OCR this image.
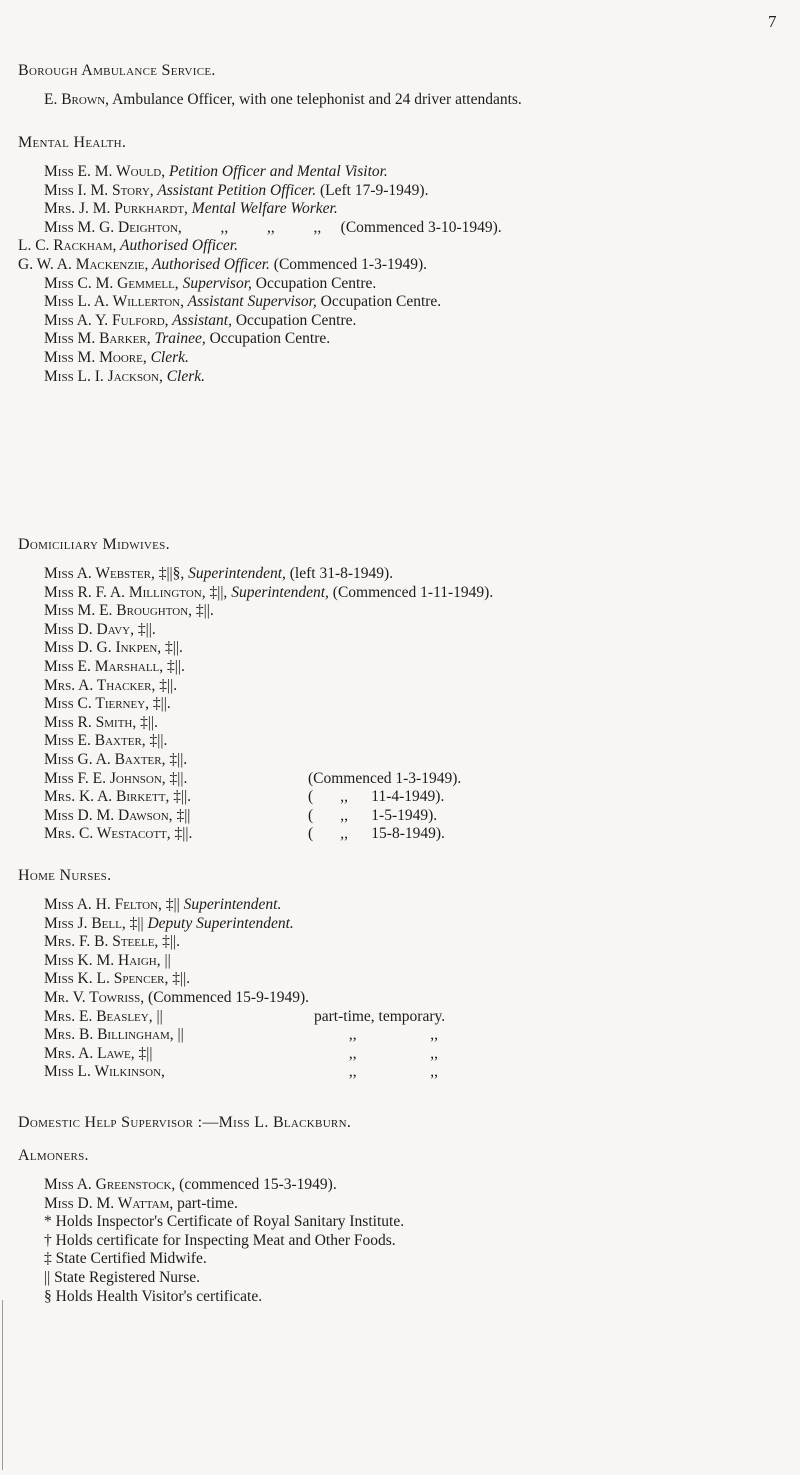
7
Borough Ambulance Service.
E. Brown, Ambulance Officer, with one telephonist and 24 driver attendants.
Mental Health.
Miss E. M. Would, Petition Officer and Mental Visitor.
Miss I. M. Story, Assistant Petition Officer. (Left 17-9-1949).
Mrs. J. M. Purkhardt, Mental Welfare Worker.
Miss M. G. Deighton,          ,,          ,,          ,,     (Commenced 3-10-1949).
L. C. Rackham, Authorised Officer.
G. W. A. Mackenzie, Authorised Officer. (Commenced 1-3-1949).
Miss C. M. Gemmell, Supervisor, Occupation Centre.
Miss L. A. Willerton, Assistant Supervisor, Occupation Centre.
Miss A. Y. Fulford, Assistant, Occupation Centre.
Miss M. Barker, Trainee, Occupation Centre.
Miss M. Moore, Clerk.
Miss L. I. Jackson, Clerk.
Domiciliary Midwives.
Miss A. Webster, ‡||§, Superintendent, (left 31-8-1949).
Miss R. F. A. Millington, ‡||, Superintendent, (Commenced 1-11-1949).
Miss M. E. Broughton, ‡||.
Miss D. Davy, ‡||.
Miss D. G. Inkpen, ‡||.
Miss E. Marshall, ‡||.
Mrs. A. Thacker, ‡||.
Miss C. Tierney, ‡||.
Miss R. Smith, ‡||.
Miss E. Baxter, ‡||.
Miss G. A. Baxter, ‡||.
Miss F. E. Johnson, ‡||.	(Commenced 1-3-1949).
Mrs. K. A. Birkett, ‡||.	(       ,,      11-4-1949).
Miss D. M. Dawson, ‡||	(       ,,      1-5-1949).
Mrs. C. Westacott, ‡||.	(       ,,      15-8-1949).
Home Nurses.
Miss A. H. Felton, ‡|| Superintendent.
Miss J. Bell, ‡|| Deputy Superintendent.
Mrs. F. B. Steele, ‡||.
Miss K. M. Haigh, ||
Miss K. L. Spencer, ‡||.
Mr. V. Towriss, (Commenced 15-9-1949).
Mrs. E. Beasley, ||	part-time, temporary.
Mrs. B. Billingham, ||	,,                   ,,
Mrs. A. Lawe, ‡||	,,                   ,,
Miss L. Wilkinson,	,,                   ,,
Domestic Help Supervisor :—Miss L. Blackburn.
Almoners.
Miss A. Greenstock, (commenced 15-3-1949).
Miss D. M. Wattam, part-time.
* Holds Inspector's Certificate of Royal Sanitary Institute.
† Holds certificate for Inspecting Meat and Other Foods.
‡ State Certified Midwife.
|| State Registered Nurse.
§ Holds Health Visitor's certificate.
